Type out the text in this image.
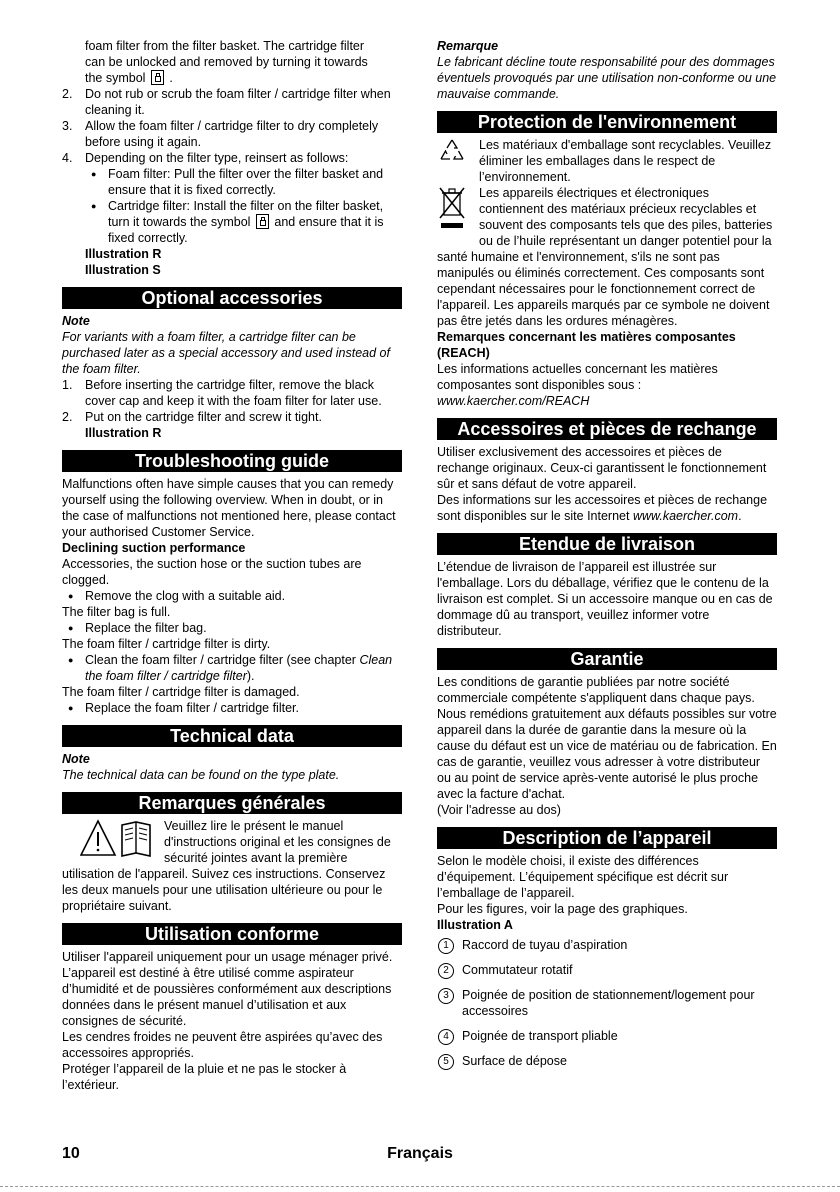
foam filter from the filter basket. The cartridge filter

can be unlocked and removed by turning it towards

the symbol .

2. Do not rub or scrub the foam filter / cartridge filter when cleaning it.
3. Allow the foam filter / cartridge filter to dry completely before using it again.
4. Depending on the filter type, reinsert as follows:
● Foam filter: Pull the filter over the filter basket and ensure that it is fixed correctly.
● Cartridge filter: Install the filter on the filter basket, turn it towards the symbol and ensure that it is fixed correctly.

Illustration R

Illustration S

Optional accessories

Note

For variants with a foam filter, a cartridge filter can be purchased later as a special accessory and used instead of the foam filter.

1. Before inserting the cartridge filter, remove the black cover cap and keep it with the foam filter for later use.
2. Put on the cartridge filter and screw it tight.

Illustration R

Troubleshooting guide

Malfunctions often have simple causes that you can remedy yourself using the following overview. When in doubt, or in the case of malfunctions not mentioned here, please contact your authorised Customer Service.

Declining suction performance

Accessories, the suction hose or the suction tubes are clogged.

● Remove the clog with a suitable aid.

The filter bag is full.

● Replace the filter bag.

The foam filter / cartridge filter is dirty.

● Clean the foam filter / cartridge filter (see chapter Clean the foam filter / cartridge filter).

The foam filter / cartridge filter is damaged.

● Replace the foam filter / cartridge filter.
Technical data

Note

The technical data can be found on the type plate.

Remarques générales

Veuillez lire le présent le manuel d'instructions original et les consignes de sécurité jointes avant la première

utilisation de l'appareil. Suivez ces instructions. Conservez les deux manuels pour une utilisation ultérieure ou pour le propriétaire suivant.

Utilisation conforme

Utiliser l'appareil uniquement pour un usage ménager privé.

L’appareil est destiné à être utilisé comme aspirateur d’humidité et de poussières conformément aux descriptions données dans le présent manuel d’utilisation et aux consignes de sécurité.

Les cendres froides ne peuvent être aspirées qu’avec des accessoires appropriés.

Protéger l’appareil de la pluie et ne pas le stocker à l’extérieur.

Remarque

Le fabricant décline toute responsabilité pour des dommages éventuels provoqués par une utilisation non-conforme ou une mauvaise commande.

Protection de l'environnement

Les matériaux d'emballage sont recyclables. Veuillez éliminer les emballages dans le respect de l’environnement.

Les appareils électriques et électroniques contiennent des matériaux précieux recyclables et souvent des composants tels que des piles, batteries ou de l’huile représentant un danger potentiel pour la santé humaine et l'environnement, s'ils ne sont pas manipulés ou éliminés correctement. Ces composants sont cependant nécessaires pour le fonctionnement correct de l'appareil. Les appareils marqués par ce symbole ne doivent pas être jetés dans les ordures ménagères.

Remarques concernant les matières composantes (REACH)

Les informations actuelles concernant les matières composantes sont disponibles sous : www.kaercher.com/REACH

Accessoires et pièces de rechange

Utiliser exclusivement des accessoires et pièces de rechange originaux. Ceux-ci garantissent le fonctionnement sûr et sans défaut de votre appareil.

Des informations sur les accessoires et pièces de rechange sont disponibles sur le site Internet www.kaercher.com.

Etendue de livraison

L’étendue de livraison de l’appareil est illustrée sur l'emballage. Lors du déballage, vérifiez que le contenu de la livraison est complet. Si un accessoire manque ou en cas de dommage dû au transport, veuillez informer votre distributeur.

Garantie

Les conditions de garantie publiées par notre société commerciale compétente s'appliquent dans chaque pays. Nous remédions gratuitement aux défauts possibles sur votre appareil dans la durée de garantie dans la mesure où la cause du défaut est un vice de matériau ou de fabrication. En cas de garantie, veuillez vous adresser à votre distributeur ou au point de service après-vente autorisé le plus proche avec la facture d'achat.

(Voir l'adresse au dos)

Description de l’appareil

Selon le modèle choisi, il existe des différences d’équipement. L’équipement spécifique est décrit sur l’emballage de l’appareil.

Pour les figures, voir la page des graphiques.

Illustration A

1	Raccord de tuyau d’aspiration
2	Commutateur rotatif
3	Poignée de position de stationnement/logement pour accessoires
4	Poignée de transport pliable
5	Surface de dépose
Français
10
